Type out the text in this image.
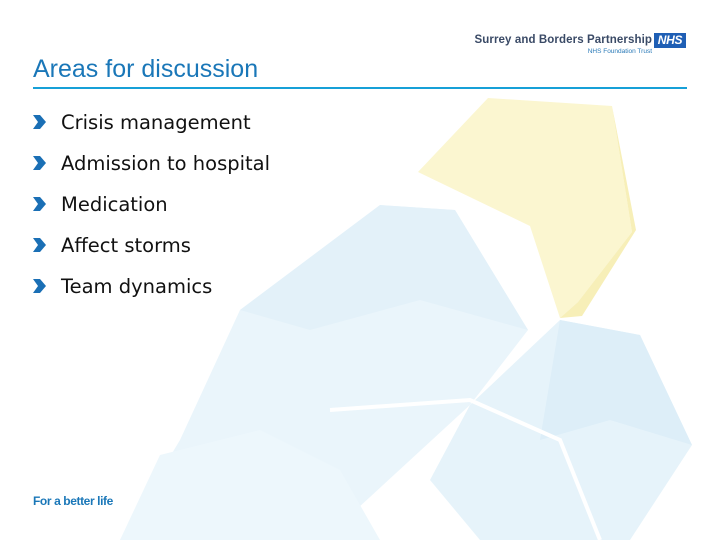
Surrey and Borders Partnership NHS
NHS Foundation Trust
Areas for discussion
Crisis management
Admission to hospital
Medication
Affect storms
Team dynamics
For a better life
